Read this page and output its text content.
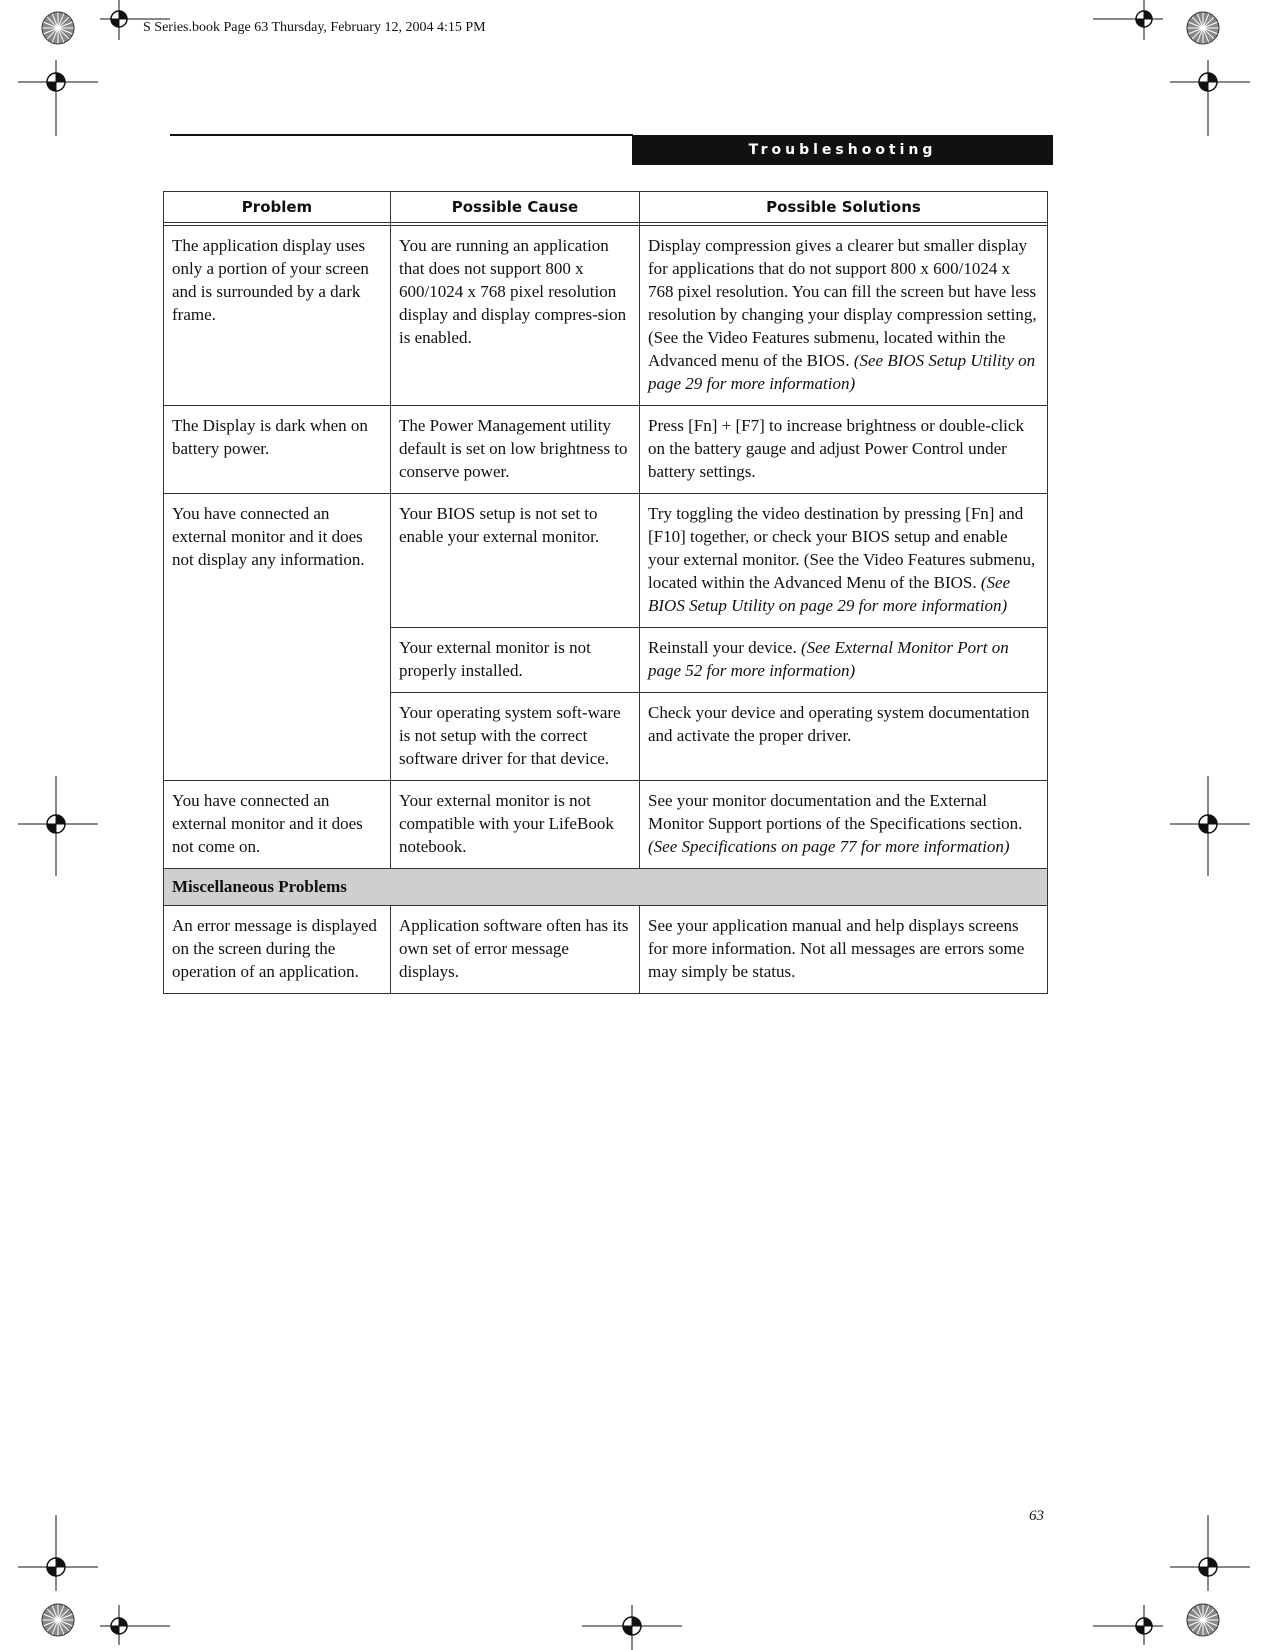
S Series.book Page 63 Thursday, February 12, 2004 4:15 PM
Troubleshooting
Problem	Possible Cause	Possible Solutions

The application display uses only a portion of your screen and is surrounded by a dark frame.	You are running an application that does not support 800 x 600/1024 x 768 pixel resolution display and display compres-sion is enabled.	Display compression gives a clearer but smaller display for applications that do not support 800 x 600/1024 x 768 pixel resolution. You can fill the screen but have less resolution by changing your display compression setting, (See the Video Features submenu, located within the Advanced menu of the BIOS. (See BIOS Setup Utility on page 29 for more information)
The Display is dark when on battery power.	The Power Management utility default is set on low brightness to conserve power.	Press [Fn] + [F7] to increase brightness or double-click on the battery gauge and adjust Power Control under battery settings.
You have connected an external monitor and it does not display any information.	Your BIOS setup is not set to enable your external monitor.	Try toggling the video destination by pressing [Fn] and [F10] together, or check your BIOS setup and enable your external monitor. (See the Video Features submenu, located within the Advanced Menu of the BIOS. (See BIOS Setup Utility on page 29 for more information)
	Your external monitor is not properly installed.	Reinstall your device. (See External Monitor Port on page 52 for more information)
	Your operating system soft-ware is not setup with the correct software driver for that device.	Check your device and operating system documentation and activate the proper driver.
You have connected an external monitor and it does not come on.	Your external monitor is not compatible with your LifeBook notebook.	See your monitor documentation and the External Monitor Support portions of the Specifications section. (See Specifications on page 77 for more information)
Miscellaneous Problems		
An error message is displayed on the screen during the operation of an application.	Application software often has its own set of error message displays.	See your application manual and help displays screens for more information. Not all messages are errors some may simply be status.
63
